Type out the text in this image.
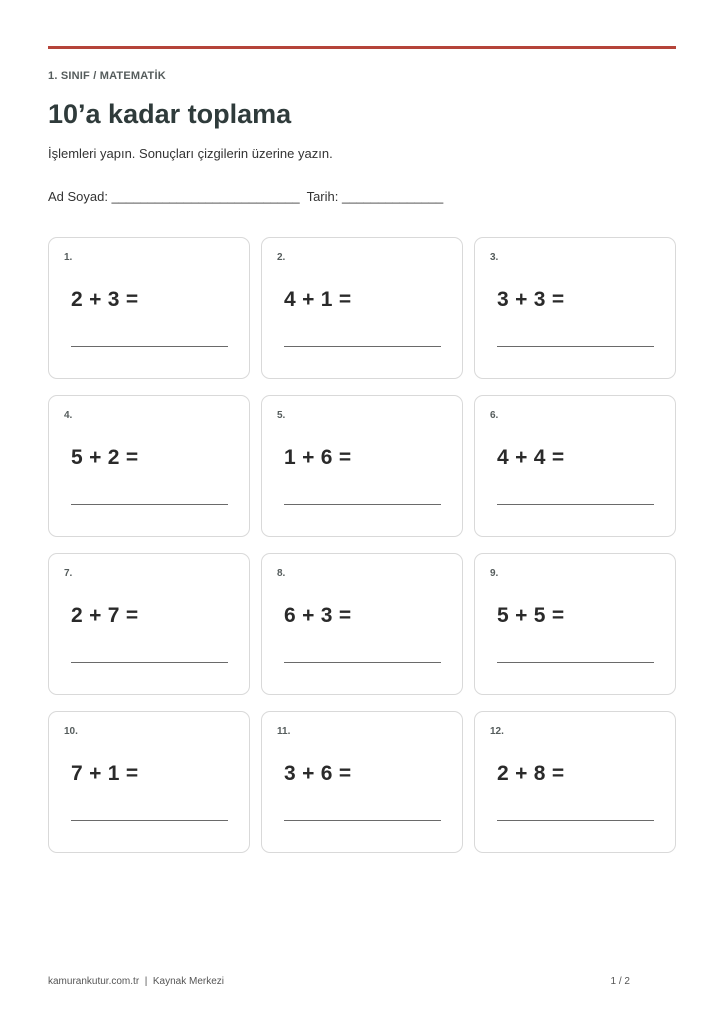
1. SINIF / MATEMATİK
10’a kadar toplama

İşlemleri yapın. Sonuçları çizgilerin üzerine yazın.

Ad Soyad: __________________________ Tarih: ______________
1.
2 + 3 =
2.
4 + 1 =
3.
3 + 3 =
4.
5 + 2 =
5.
1 + 6 =
6.
4 + 4 =
7.
2 + 7 =
8.
6 + 3 =
9.
5 + 5 =
10.
7 + 1 =
11.
3 + 6 =
12.
2 + 8 =
kamurankutur.com.tr  |  Kaynak Merkezi	1 / 2
